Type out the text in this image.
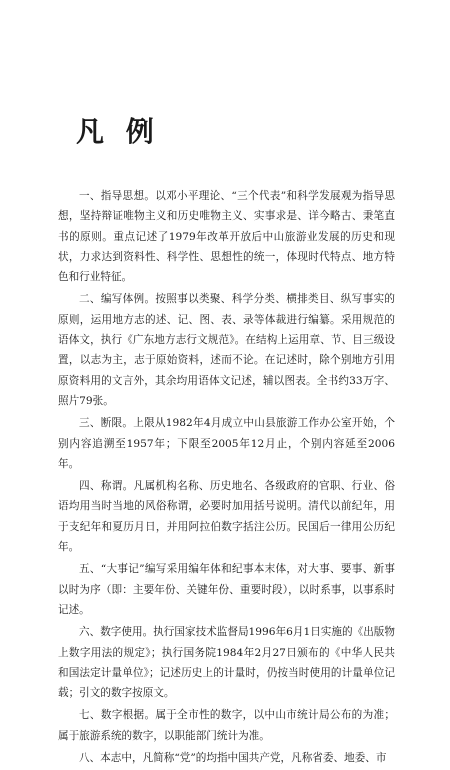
凡 例

一、指导思想。以邓小平理论、“三个代表”和科学发展观为指导思想，坚持辩证唯物主义和历史唯物主义、实事求是、详今略古、秉笔直书的原则。重点记述了1979年改革开放后中山旅游业发展的历史和现状，力求达到资料性、科学性、思想性的统一，体现时代特点、地方特色和行业特征。

二、编写体例。按照事以类聚、科学分类、横排类目、纵写事实的原则，运用地方志的述、记、图、表、录等体裁进行编纂。采用规范的语体文，执行《广东地方志行文规范》。在结构上运用章、节、目三级设置，以志为主，志于原始资料，述而不论。在记述时，除个别地方引用原资料用的文言外，其余均用语体文记述，辅以图表。全书约33万字、照片79张。

三、断限。上限从1982年4月成立中山县旅游工作办公室开始，个别内容追溯至1957年；下限至2005年12月止，个别内容延至2006年。

四、称谓。凡属机构名称、历史地名、各级政府的官职、行业、俗语均用当时当地的风俗称谓，必要时加用括号说明。清代以前纪年，用于支纪年和夏历月日，并用阿拉伯数字括注公历。民国后一律用公历纪年。

五、“大事记”编写采用编年体和纪事本末体，对大事、要事、新事以时为序（即：主要年份、关键年份、重要时段），以时系事，以事系时记述。

六、数字使用。执行国家技术监督局1996年6月1日实施的《出版物上数字用法的规定》；执行国务院1984年2月27日颁布的《中华人民共和国法定计量单位》；记述历史上的计量时，仍按当时使用的计量单位记载；引文的数字按原文。

七、数字根据。属于全市性的数字，以中山市统计局公布的为准；属于旅游系统的数字，以职能部门统计为准。

八、本志中，凡简称“党”的均指中国共产党，凡称省委、地委、市
